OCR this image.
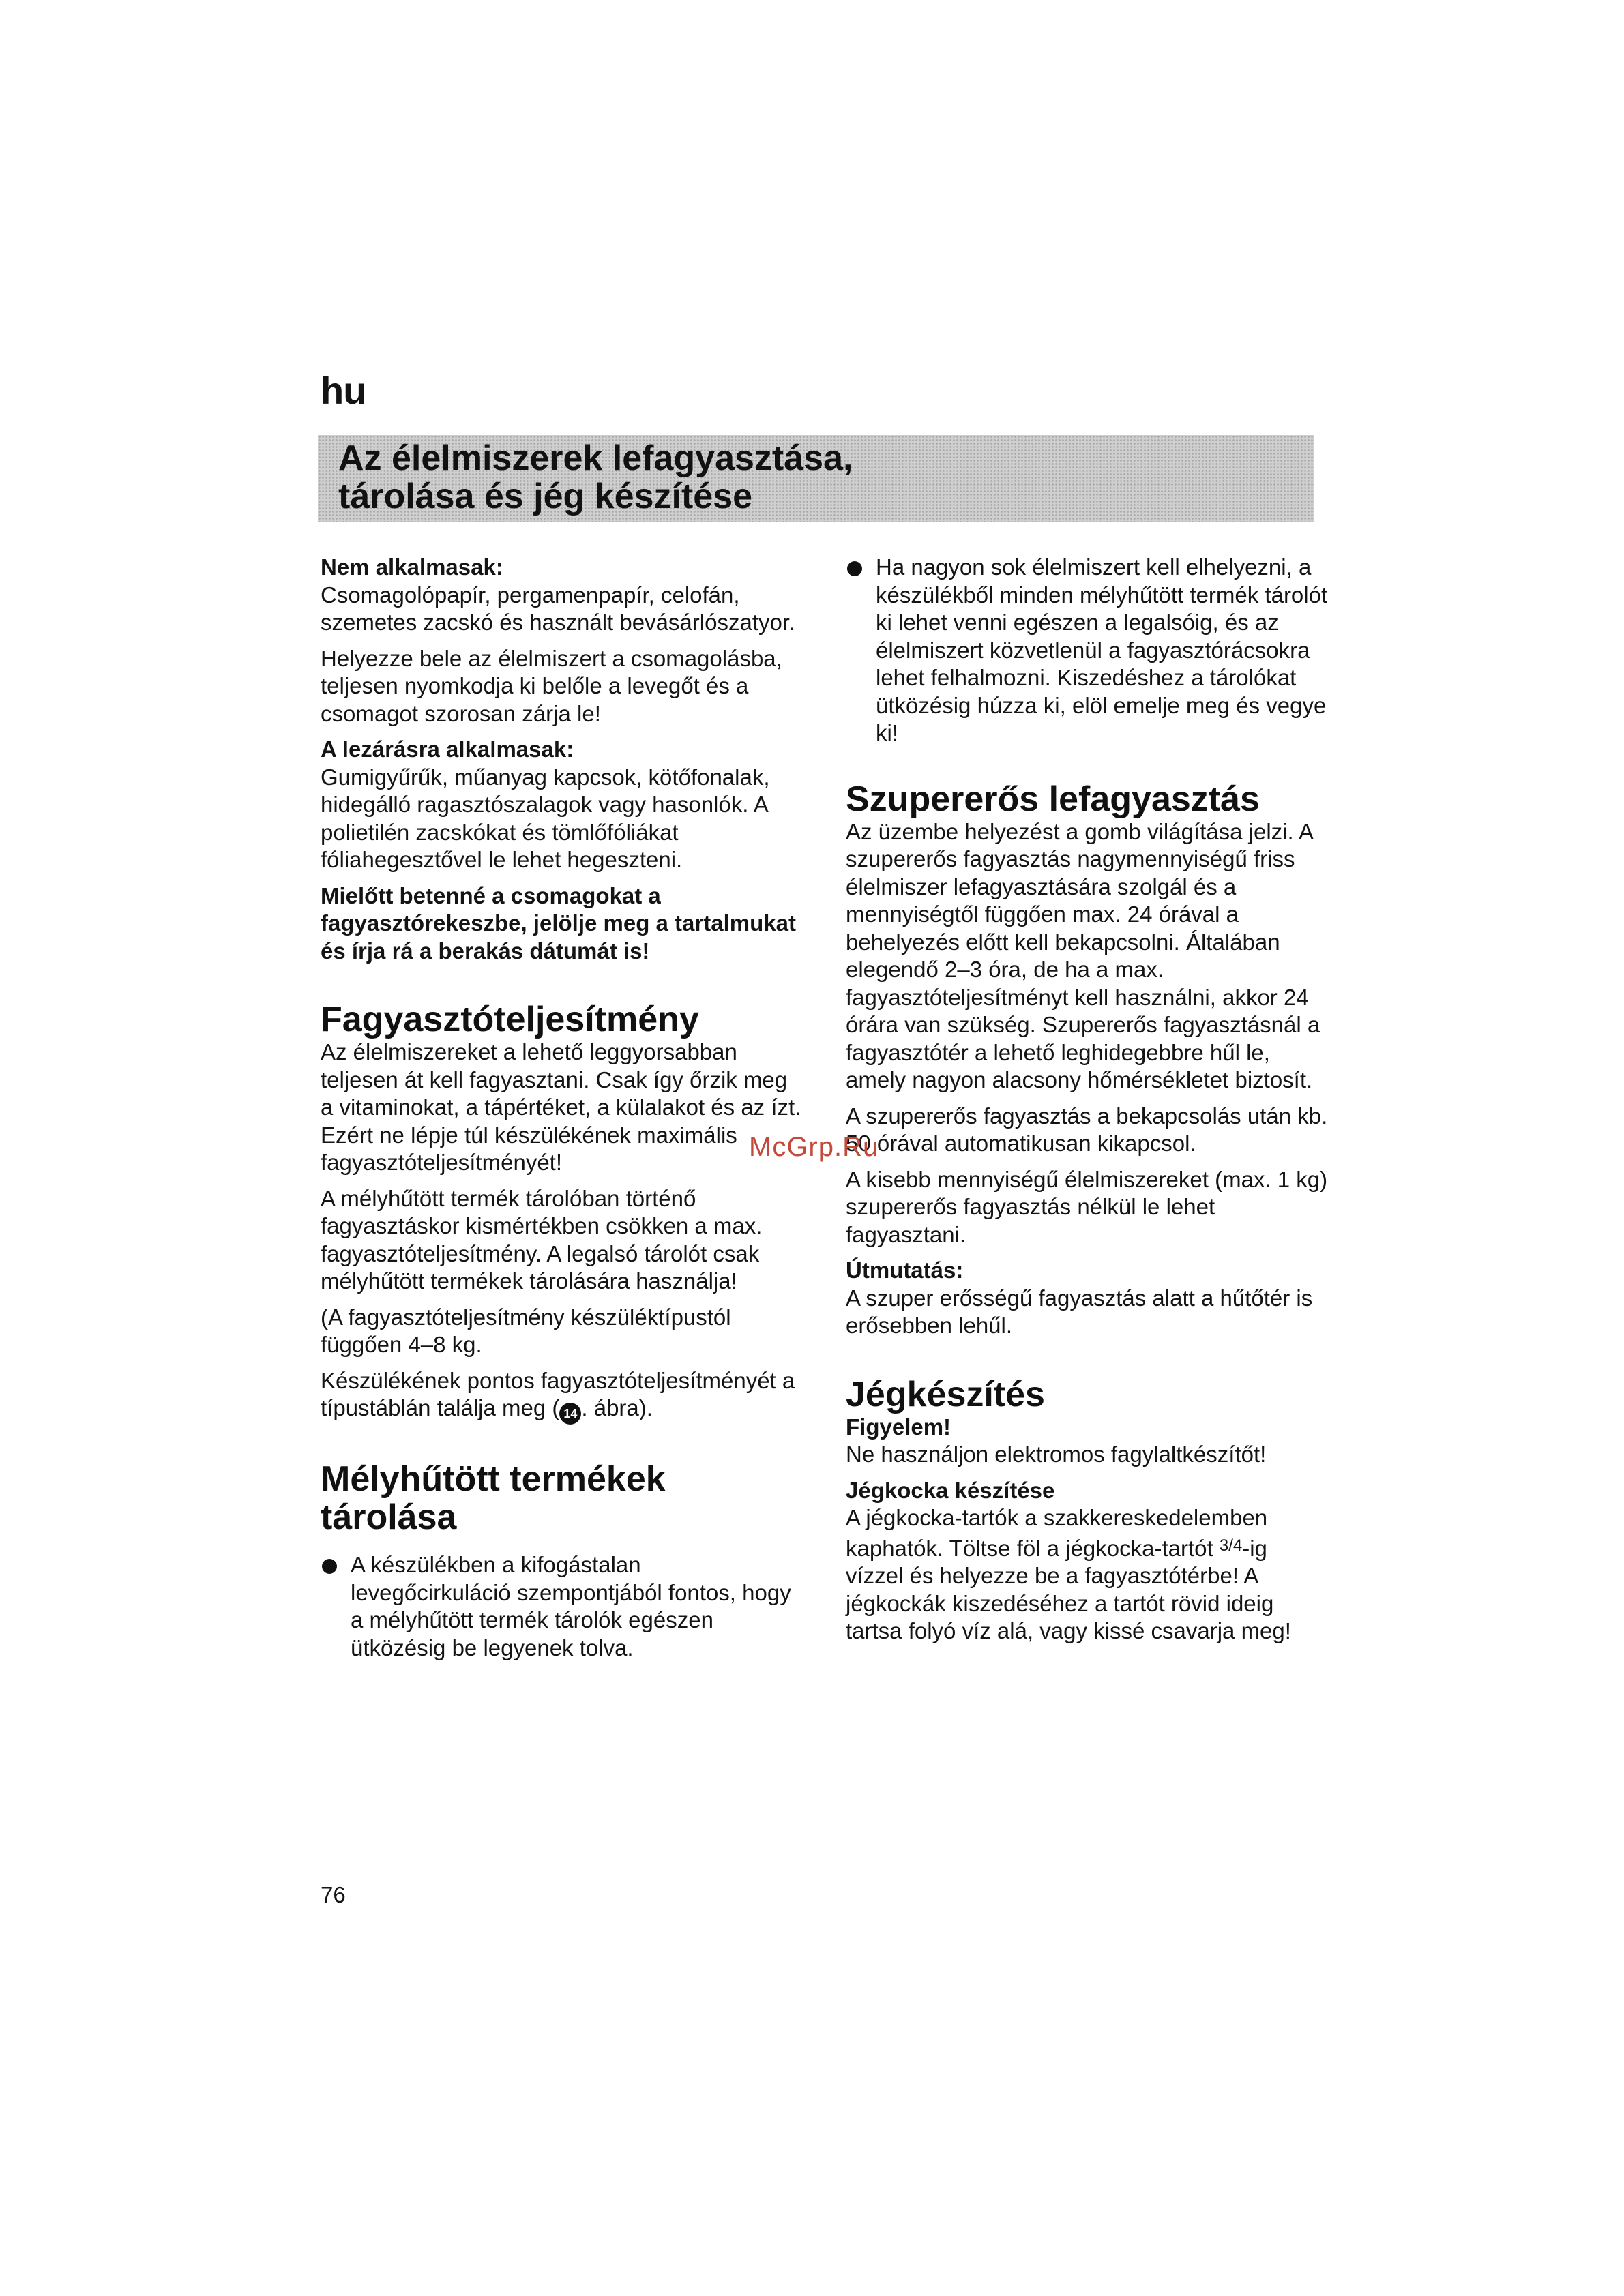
hu
Az élelmiszerek lefagyasztása,
tárolása és jég készítése

Nem alkalmasak:

Csomagolópapír, pergamenpapír, celofán, szemetes zacskó és használt bevásárlószatyor.

Helyezze bele az élelmiszert a csomagolásba, teljesen nyomkodja ki belőle a levegőt és a csomagot szorosan zárja le!

A lezárásra alkalmasak:

Gumigyűrűk, műanyag kapcsok, kötőfonalak, hidegálló ragasztószalagok vagy hasonlók. A polietilén zacskókat és tömlőfóliákat fóliahegesztővel le lehet hegeszteni.

Mielőtt betenné a csomagokat a fagyasztórekeszbe, jelölje meg a tartalmukat és írja rá a berakás dátumát is!

Fagyasztóteljesítmény

Az élelmiszereket a lehető leggyorsabban teljesen át kell fagyasztani. Csak így őrzik meg a vitaminokat, a tápértéket, a külalakot és az ízt. Ezért ne lépje túl készülékének maximális fagyasztóteljesítményét!

A mélyhűtött termék tárolóban történő fagyasztáskor kismértékben csökken a max. fagyasztóteljesítmény. A legalsó tárolót csak mélyhűtött termékek tárolására használja!

(A fagyasztóteljesítmény készüléktípustól függően 4–8 kg.

Készülékének pontos fagyasztóteljesítményét a típustáblán találja meg ( 14 . ábra).

Mélyhűtött termékek tárolása

A készülékben a kifogástalan levegőcirkuláció szempontjából fontos, hogy a mélyhűtött termék tárolók egészen ütközésig be legyenek tolva.

Ha nagyon sok élelmiszert kell elhelyezni, a készülékből minden mélyhűtött termék tárolót ki lehet venni egészen a legalsóig, és az élelmiszert közvetlenül a fagyasztórácsokra lehet felhalmozni. Kiszedéshez a tárolókat ütközésig húzza ki, elöl emelje meg és vegye ki!

Szupererős lefagyasztás

Az üzembe helyezést a gomb világítása jelzi. A szupererős fagyasztás nagymennyiségű friss élelmiszer lefagyasztására szolgál és a mennyiségtől függően max. 24 órával a behelyezés előtt kell bekapcsolni. Általában elegendő 2–3 óra, de ha a max. fagyasztóteljesítményt kell használni, akkor 24 órára van szükség. Szupererős fagyasztásnál a fagyasztótér a lehető leghidegebbre hűl le, amely nagyon alacsony hőmérsékletet biztosít.

A szupererős fagyasztás a bekapcsolás után kb. 50 órával automatikusan kikapcsol.

A kisebb mennyiségű élelmiszereket (max. 1 kg) szupererős fagyasztás nélkül le lehet fagyasztani.

Útmutatás:

A szuper erősségű fagyasztás alatt a hűtőtér is erősebben lehűl.

Jégkészítés

Figyelem!

Ne használjon elektromos fagylaltkészítőt!

Jégkocka készítése

A jégkocka-tartók a szakkereskedelemben kaphatók. Töltse föl a jégkocka-tartót $^{3/4}$-ig vízzel és helyezze be a fagyasztótérbe! A jégkockák kiszedéséhez a tartót rövid ideig tartsa folyó víz alá, vagy kissé csavarja meg!

McGrp.Ru
76
